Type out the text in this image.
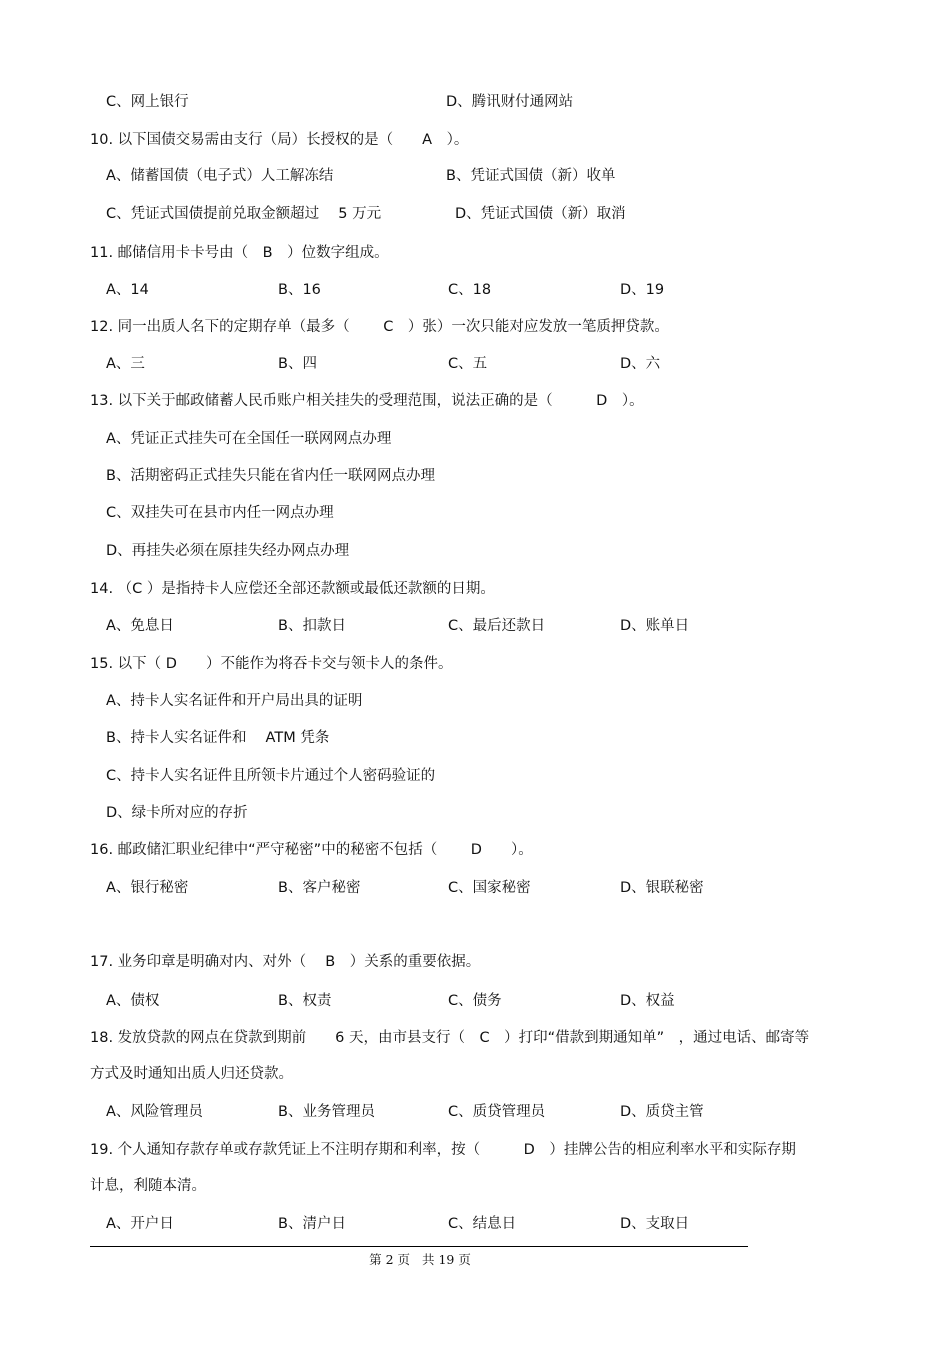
C、网上银行	D、腾讯财付通网站
10. 以下国债交易需由支行（局）长授权的是（　　A　）。
A、储蓄国债（电子式）人工解冻结	B、凭证式国债（新）收单
C、凭证式国债提前兑取金额超过　 5 万元	D、凭证式国债（新）取消
11. 邮储信用卡卡号由（　B　）位数字组成。
A、14	B、16	C、18	D、19
12. 同一出质人名下的定期存单（最多（　　 C　）张）一次只能对应发放一笔质押贷款。
A、三	B、四	C、五	D、六
13. 以下关于邮政储蓄人民币账户相关挂失的受理范围，说法正确的是（　　　D　）。
A、凭证正式挂失可在全国任一联网网点办理
B、活期密码正式挂失只能在省内任一联网网点办理
C、双挂失可在县市内任一网点办理
D、再挂失必须在原挂失经办网点办理
14. （C ）是指持卡人应偿还全部还款额或最低还款额的日期。
A、免息日	B、扣款日	C、最后还款日	D、账单日
15. 以下（ D　　）不能作为将吞卡交与领卡人的条件。
A、持卡人实名证件和开户局出具的证明
B、持卡人实名证件和　 ATM 凭条
C、持卡人实名证件且所领卡片通过个人密码验证的
D、绿卡所对应的存折
16. 邮政储汇职业纪律中“严守秘密”中的秘密不包括（　　 D　　）。
A、银行秘密	B、客户秘密	C、国家秘密	D、银联秘密
17. 业务印章是明确对内、对外（　 B　）关系的重要依据。
A、债权	B、权责	C、债务	D、权益
18. 发放贷款的网点在贷款到期前　　6 天，由市县支行（　C　）打印“借款到期通知单”　，通过电话、邮寄等
方式及时通知出质人归还贷款。
A、风险管理员	B、业务管理员	C、质贷管理员	D、质贷主管
19. 个人通知存款存单或存款凭证上不注明存期和利率，按（　　　D　）挂牌公告的相应利率水平和实际存期
计息，利随本清。
A、开户日	B、清户日	C、结息日	D、支取日
第 2 页   共 19 页
